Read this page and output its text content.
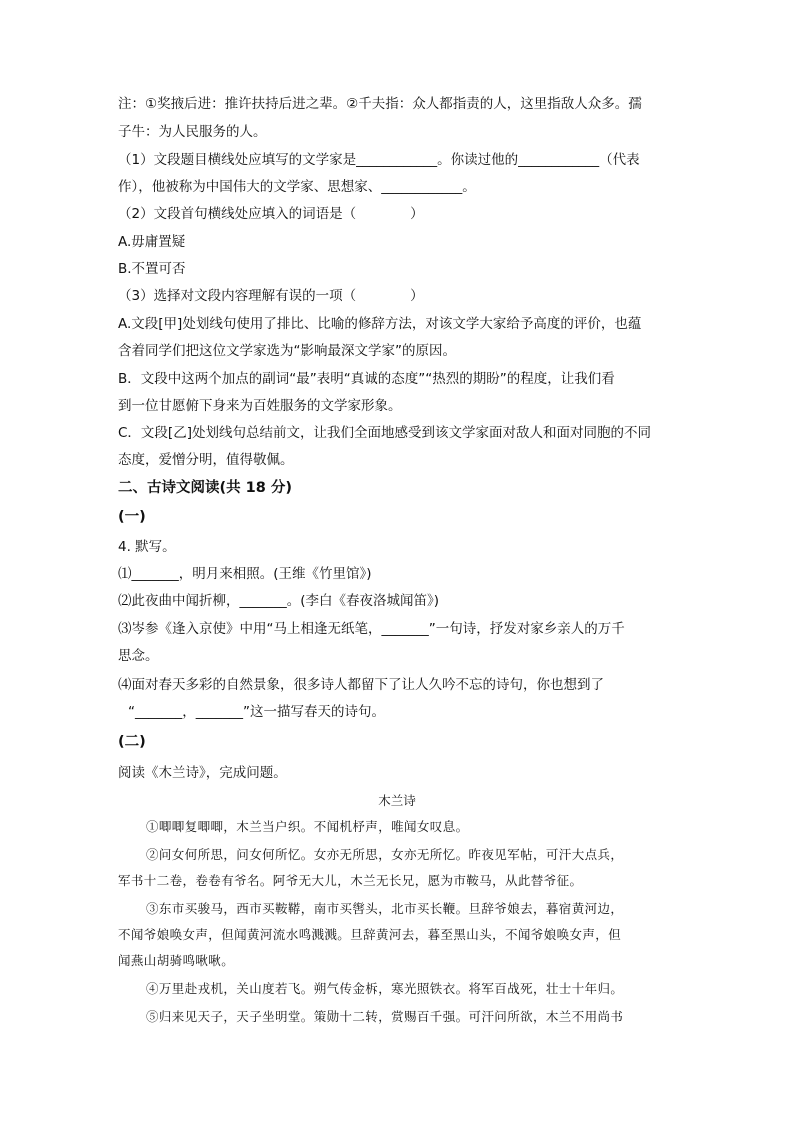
注：①奖掖后进：推许扶持后进之辈。②千夫指：众人都指责的人，这里指敌人众多。孺
子牛：为人民服务的人。
（1）文段题目横线处应填写的文学家是____________。你读过他的____________（代表
作），他被称为中国伟大的文学家、思想家、____________。
（2）文段首句横线处应填入的词语是（　　　　）
A.毋庸置疑
B.不置可否
（3）选择对文段内容理解有误的一项（　　　　）
A.文段[甲]处划线句使用了排比、比喻的修辞方法，对该文学大家给予高度的评价，也蕴
含着同学们把这位文学家选为“影响最深文学家”的原因。
B．文段中这两个加点的副词“最”表明“真诚的态度”“热烈的期盼”的程度，让我们看
到一位甘愿俯下身来为百姓服务的文学家形象。
C．文段[乙]处划线句总结前文，让我们全面地感受到该文学家面对敌人和面对同胞的不同
态度，爱憎分明，值得敬佩。
二、古诗文阅读(共 18 分)
(一)
4. 默写。
⑴_______，明月来相照。(王维《竹里馆》)
⑵此夜曲中闻折柳，_______。(李白《春夜洛城闻笛》)
⑶岑参《逢入京使》中用“马上相逢无纸笔，_______”一句诗，抒发对家乡亲人的万千
思念。
⑷面对春天多彩的自然景象，很多诗人都留下了让人久吟不忘的诗句，你也想到了
“_______，_______”这一描写春天的诗句。
(二)
阅读《木兰诗》，完成问题。
木兰诗
①唧唧复唧唧，木兰当户织。不闻机杼声，唯闻女叹息。
②问女何所思，问女何所忆。女亦无所思，女亦无所忆。昨夜见军帖，可汗大点兵，
军书十二卷，卷卷有爷名。阿爷无大儿，木兰无长兄，愿为市鞍马，从此替爷征。
③东市买骏马，西市买鞍鞯，南市买辔头，北市买长鞭。旦辞爷娘去，暮宿黄河边，
不闻爷娘唤女声，但闻黄河流水鸣溅溅。旦辞黄河去，暮至黑山头，不闻爷娘唤女声，但
闻燕山胡骑鸣啾啾。
④万里赴戎机，关山度若飞。朔气传金柝，寒光照铁衣。将军百战死，壮士十年归。
⑤归来见天子，天子坐明堂。策勋十二转，赏赐百千强。可汗问所欲，木兰不用尚书
